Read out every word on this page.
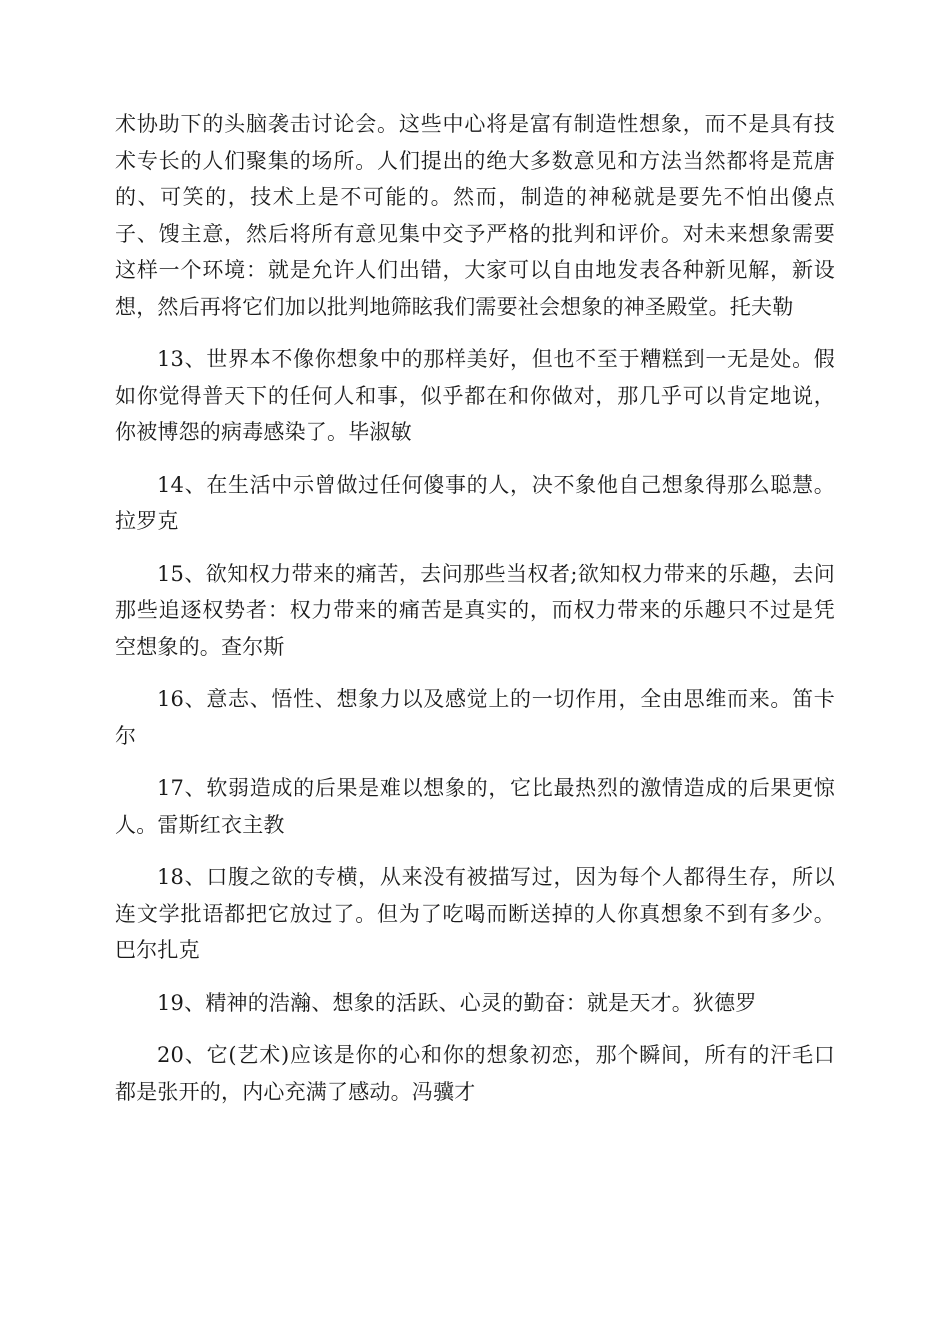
术协助下的头脑袭击讨论会。这些中心将是富有制造性想象，而不是具有技术专长的人们聚集的场所。人们提出的绝大多数意见和方法当然都将是荒唐的、可笑的，技术上是不可能的。然而，制造的神秘就是要先不怕出傻点子、馊主意，然后将所有意见集中交予严格的批判和评价。对未来想象需要这样一个环境：就是允许人们出错，大家可以自由地发表各种新见解，新设想，然后再将它们加以批判地筛眩我们需要社会想象的神圣殿堂。托夫勒

13、世界本不像你想象中的那样美好，但也不至于糟糕到一无是处。假如你觉得普天下的任何人和事，似乎都在和你做对，那几乎可以肯定地说，你被博怨的病毒感染了。毕淑敏

14、在生活中示曾做过任何傻事的人，决不象他自己想象得那么聪慧。拉罗克

15、欲知权力带来的痛苦，去问那些当权者;欲知权力带来的乐趣，去问那些追逐权势者：权力带来的痛苦是真实的，而权力带来的乐趣只不过是凭空想象的。查尔斯

16、意志、悟性、想象力以及感觉上的一切作用，全由思维而来。笛卡尔

17、软弱造成的后果是难以想象的，它比最热烈的激情造成的后果更惊人。雷斯红衣主教

18、口腹之欲的专横，从来没有被描写过，因为每个人都得生存，所以连文学批语都把它放过了。但为了吃喝而断送掉的人你真想象不到有多少。巴尔扎克

19、精神的浩瀚、想象的活跃、心灵的勤奋：就是天才。狄德罗

20、它(艺术)应该是你的心和你的想象初恋，那个瞬间，所有的汗毛口都是张开的，内心充满了感动。冯骥才
